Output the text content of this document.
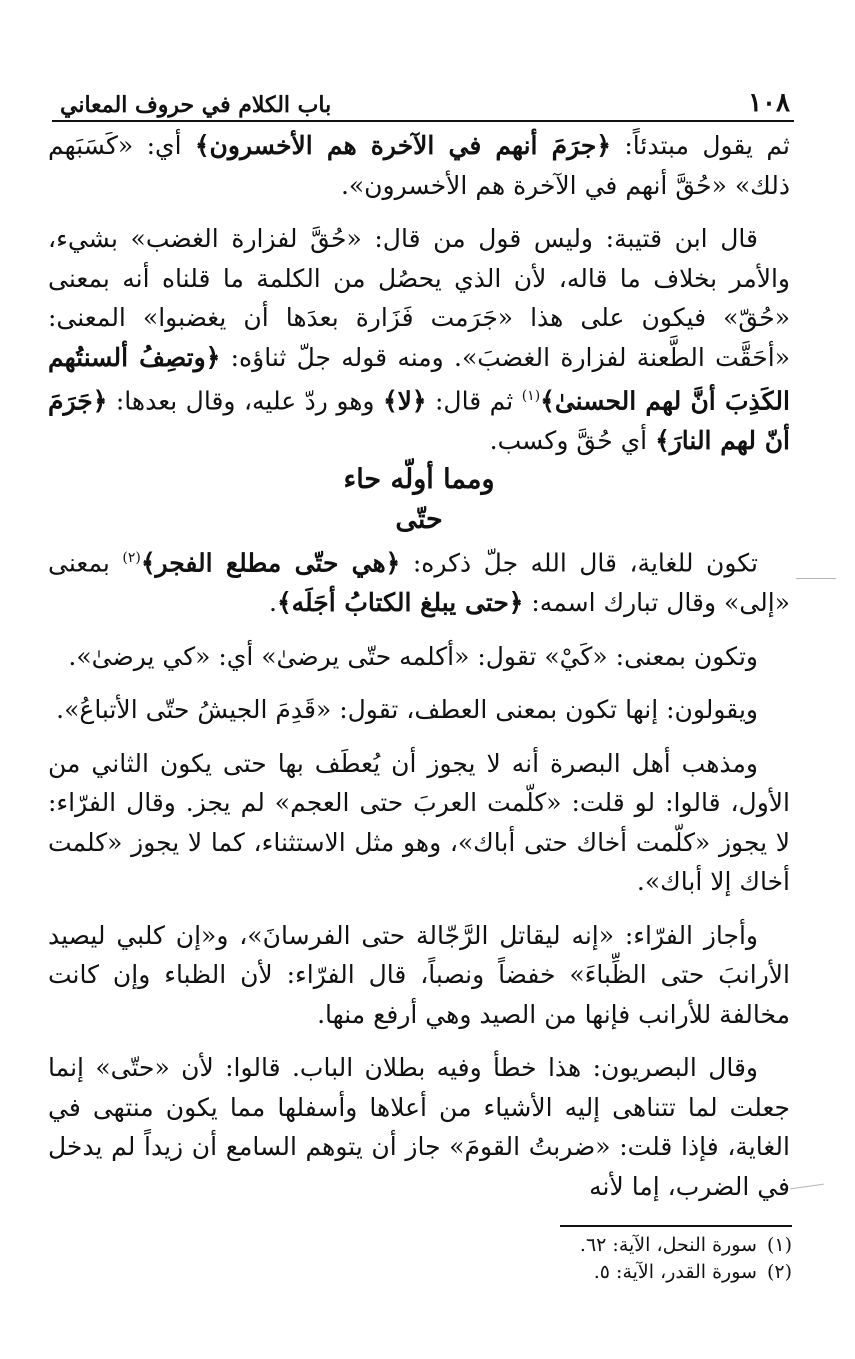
١٠٨
باب الكلام في حروف المعاني

ثم يقول مبتدئاً: ﴿جرَمَ أنهم في الآخرة هم الأخسرون﴾ أي: «كَسَبَهم ذلك» «حُقَّ أنهم في الآخرة هم الأخسرون».

قال ابن قتيبة: وليس قول من قال: «حُقَّ لفزارة الغضب» بشيء، والأمر بخلاف ما قاله، لأن الذي يحصُل من الكلمة ما قلناه أنه بمعنى «حُقّ» فيكون على هذا «جَرَمت فَزَارة بعدَها أن يغضبوا» المعنى: «أحَقَّت الطَّعنة لفزارة الغضبَ». ومنه قوله جلّ ثناؤه: ﴿وتصِفُ ألسنتُهم الكَذِبَ أنَّ لهم الحسنىٰ﴾$^{(١)}$ ثم قال: ﴿لا﴾ وهو ردّ عليه، وقال بعدها: ﴿جَرَمَ أنّ لهم النارَ﴾ أي حُقَّ وكسب.

ومما أولّه حاء

حتّى

تكون للغاية، قال الله جلّ ذكره: ﴿هي حتّى مطلع الفجر﴾$^{(٢)}$ بمعنى «إلى» وقال تبارك اسمه: ﴿حتى يبلغ الكتابُ أجَلَه﴾.

وتكون بمعنى: «كَيْ» تقول: «أكلمه حتّى يرضىٰ» أي: «كي يرضىٰ».

ويقولون: إنها تكون بمعنى العطف، تقول: «قَدِمَ الجيشُ حتّى الأتباعُ».

ومذهب أهل البصرة أنه لا يجوز أن يُعطَف بها حتى يكون الثاني من الأول، قالوا: لو قلت: «كلّمت العربَ حتى العجم» لم يجز. وقال الفرّاء: لا يجوز «كلّمت أخاك حتى أباك»، وهو مثل الاستثناء، كما لا يجوز «كلمت أخاك إلا أباك».

وأجاز الفرّاء: «إنه ليقاتل الرَّجّالة حتى الفرسانَ»، و«إن كلبي ليصيد الأرانبَ حتى الظِّباءَ» خفضاً ونصباً، قال الفرّاء: لأن الظباء وإن كانت مخالفة للأرانب فإنها من الصيد وهي أرفع منها.

وقال البصريون: هذا خطأ وفيه بطلان الباب. قالوا: لأن «حتّى» إنما جعلت لما تتناهى إليه الأشياء من أعلاها وأسفلها مما يكون منتهى في الغاية، فإذا قلت: «ضربتُ القومَ» جاز أن يتوهم السامع أن زيداً لم يدخل في الضرب، إما لأنه

(١)سورة النحل، الآية: ٦٢.
(٢)سورة القدر، الآية: ٥.
